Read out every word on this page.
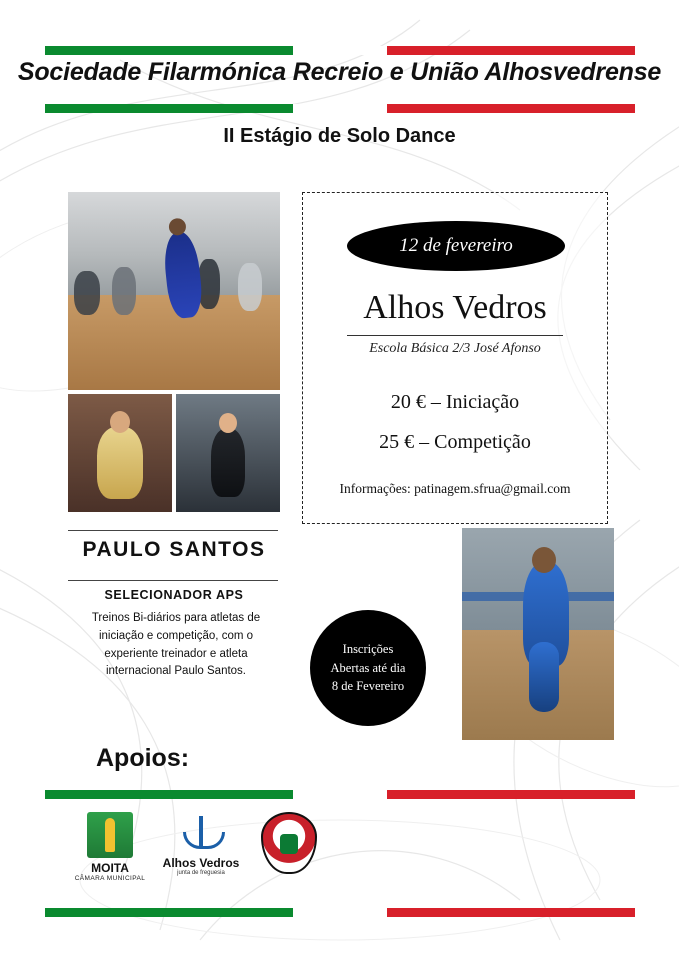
Sociedade Filarmónica Recreio e União Alhosvedrense
II Estágio de Solo Dance
12 de fevereiro
Alhos Vedros
Escola Básica 2/3 José Afonso
20 € – Iniciação
25 € – Competição
Informações: patinagem.sfrua@gmail.com
PAULO SANTOS
SELECIONADOR APS
Treinos Bi-diários para atletas de iniciação e competição, com o experiente treinador e atleta internacional Paulo Santos.
Inscrições
Abertas até dia
8 de Fevereiro
Apoios:
MOITA
CÂMARA MUNICIPAL
Alhos Vedros
junta de freguesia
